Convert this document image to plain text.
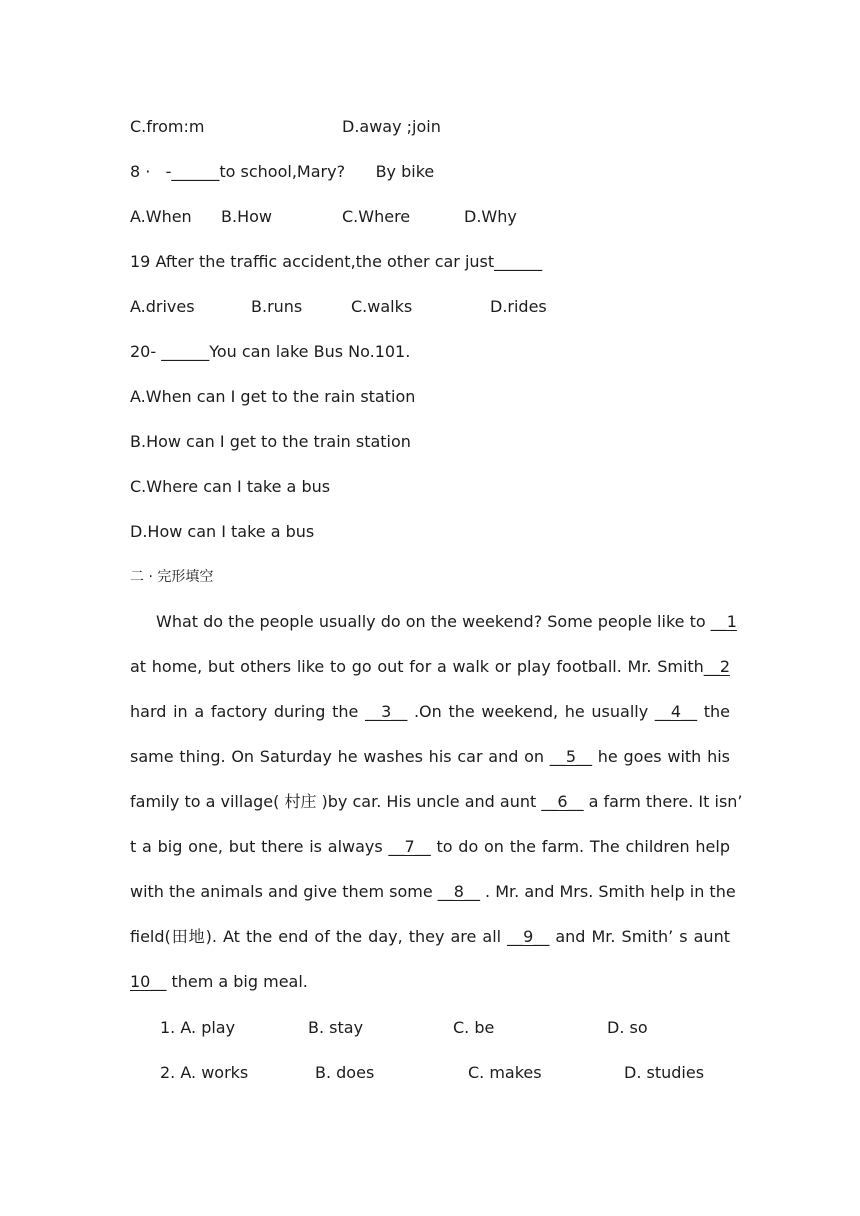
C.from:m

	D.away ;join

8 ·   -______to school,Mary?      By bike

A.When

B.How

	C.Where

	D.Why

19 After the traffic accident,the other car just______

A.drives

	B.runs

	C.walks

	D.rides

20- ______You can lake Bus No.101.
A.When can I get to the rain station
B.How can I get to the train station
C.Where can I take a bus
D.How can I take a bus
二 · 完形填空
What do the people usually do on the weekend? Some people like to __1
at home, but others like to go out for a walk or play football. Mr. Smith__2
hard in a factory during the __3__ .On the weekend, he usually __4__ the
same thing. On Saturday he washes his car and on __5__ he goes with his
family to a village( 村庄 )by car. His uncle and aunt __6__ a farm there. It isn’
t a big one, but there is always __7__ to do on the farm. The children help
with the animals and give them some __8__ . Mr. and Mrs. Smith help in the
field(田地). At the end of the day, they are all __9__ and Mr. Smith’ s aunt
10__ them a big meal.

1. A. play

	B. stay

	C. be

	D. so

2. A. works

	B. does

	C. makes

	D. studies
